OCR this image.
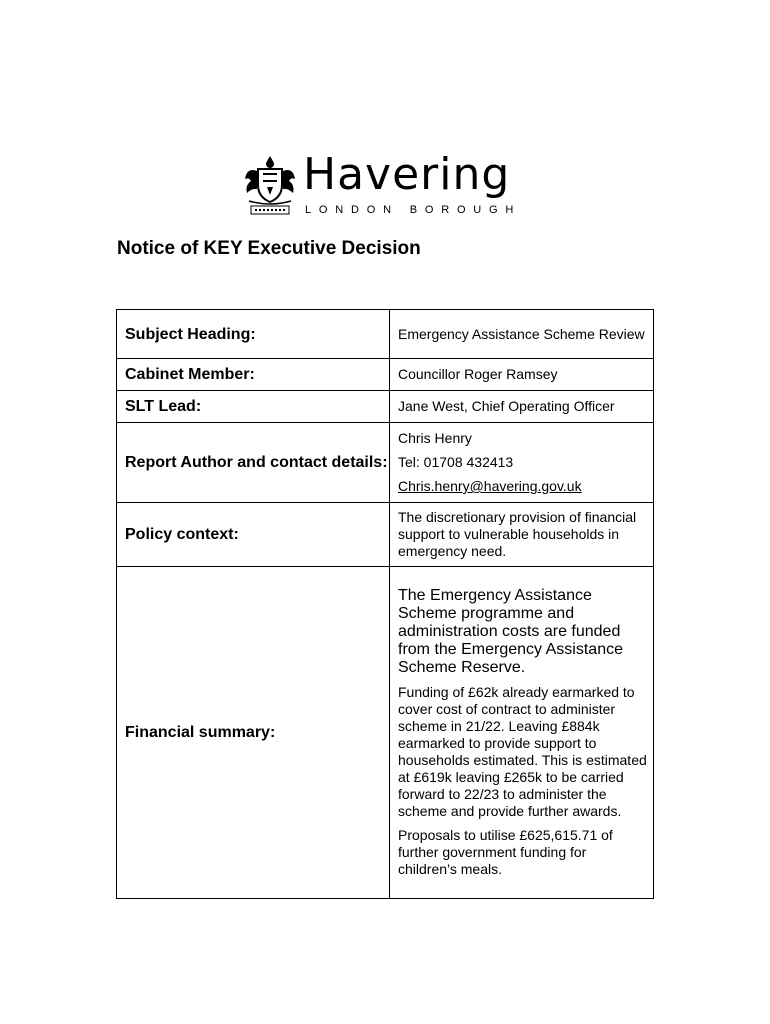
Havering
LONDON BOROUGH
Notice of KEY Executive Decision
Subject Heading:	Emergency Assistance Scheme Review
Cabinet Member:	Councillor Roger Ramsey
SLT Lead:	Jane West, Chief Operating Officer
Report Author and contact details:	Chris Henry

Tel: 01708 432413

Chris.henry@havering.gov.uk

Policy context:	The discretionary provision of financial support to vulnerable households in emergency need.
Financial summary:	The Emergency Assistance Scheme programme and administration costs are funded from the Emergency Assistance Scheme Reserve.

Funding of £62k already earmarked to cover cost of contract to administer scheme in 21/22. Leaving £884k earmarked to provide support to households estimated. This is estimated at £619k leaving £265k to be carried forward to 22/23 to administer the scheme and provide further awards.

Proposals to utilise £625,615.71 of further government funding for children’s meals.
